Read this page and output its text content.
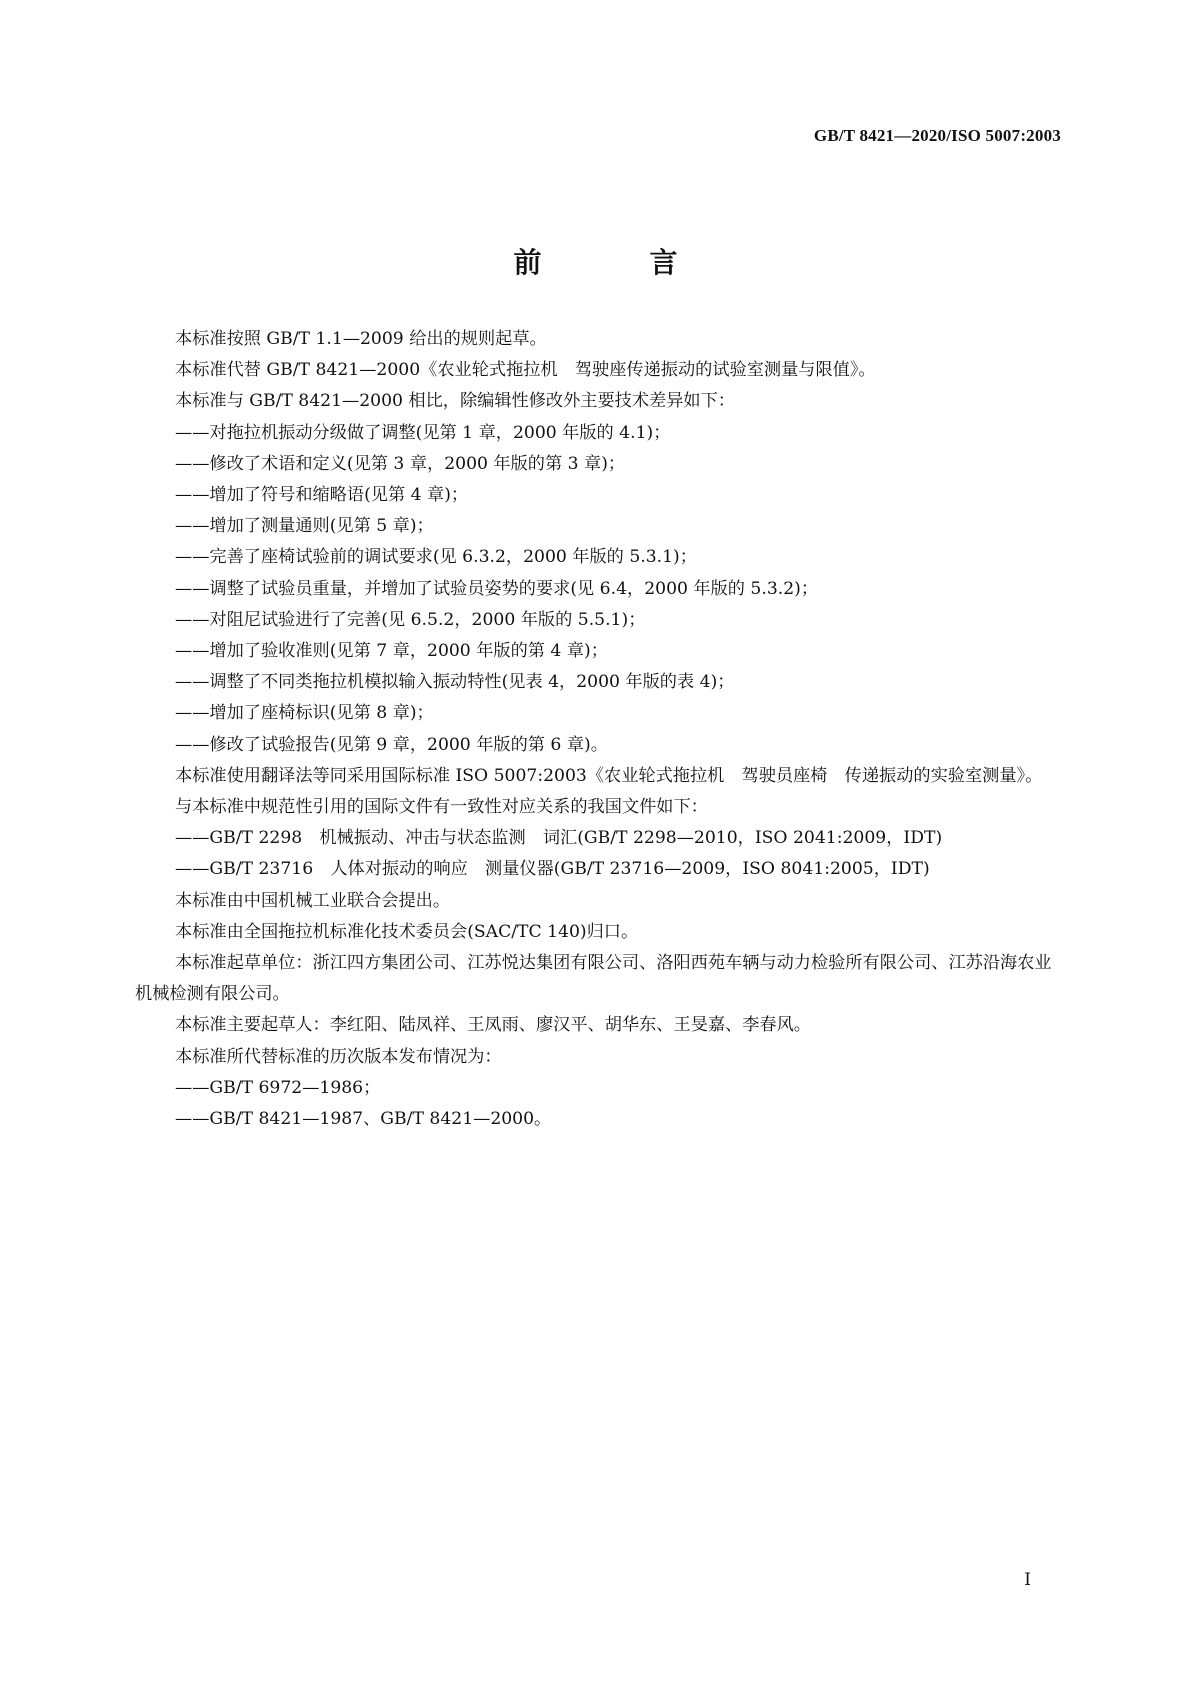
GB/T 8421—2020/ISO 5007:2003
前　言

本标准按照 GB/T 1.1—2009 给出的规则起草。

本标准代替 GB/T 8421—2000《农业轮式拖拉机　驾驶座传递振动的试验室测量与限值》。

本标准与 GB/T 8421—2000 相比，除编辑性修改外主要技术差异如下：

——对拖拉机振动分级做了调整(见第 1 章，2000 年版的 4.1)；

——修改了术语和定义(见第 3 章，2000 年版的第 3 章)；

——增加了符号和缩略语(见第 4 章)；

——增加了测量通则(见第 5 章)；

——完善了座椅试验前的调试要求(见 6.3.2，2000 年版的 5.3.1)；

——调整了试验员重量，并增加了试验员姿势的要求(见 6.4，2000 年版的 5.3.2)；

——对阻尼试验进行了完善(见 6.5.2，2000 年版的 5.5.1)；

——增加了验收准则(见第 7 章，2000 年版的第 4 章)；

——调整了不同类拖拉机模拟输入振动特性(见表 4，2000 年版的表 4)；

——增加了座椅标识(见第 8 章)；

——修改了试验报告(见第 9 章，2000 年版的第 6 章)。

本标准使用翻译法等同采用国际标准 ISO 5007:2003《农业轮式拖拉机　驾驶员座椅　传递振动的实验室测量》。

与本标准中规范性引用的国际文件有一致性对应关系的我国文件如下：

——GB/T 2298　机械振动、冲击与状态监测　词汇(GB/T 2298—2010，ISO 2041:2009，IDT)

——GB/T 23716　人体对振动的响应　测量仪器(GB/T 23716—2009，ISO 8041:2005，IDT)

本标准由中国机械工业联合会提出。

本标准由全国拖拉机标准化技术委员会(SAC/TC 140)归口。

本标准起草单位：浙江四方集团公司、江苏悦达集团有限公司、洛阳西苑车辆与动力检验所有限公司、江苏沿海农业机械检测有限公司。

本标准主要起草人：李红阳、陆凤祥、王凤雨、廖汉平、胡华东、王旻嘉、李春风。

本标准所代替标准的历次版本发布情况为：

——GB/T 6972—1986；

——GB/T 8421—1987、GB/T 8421—2000。

I
